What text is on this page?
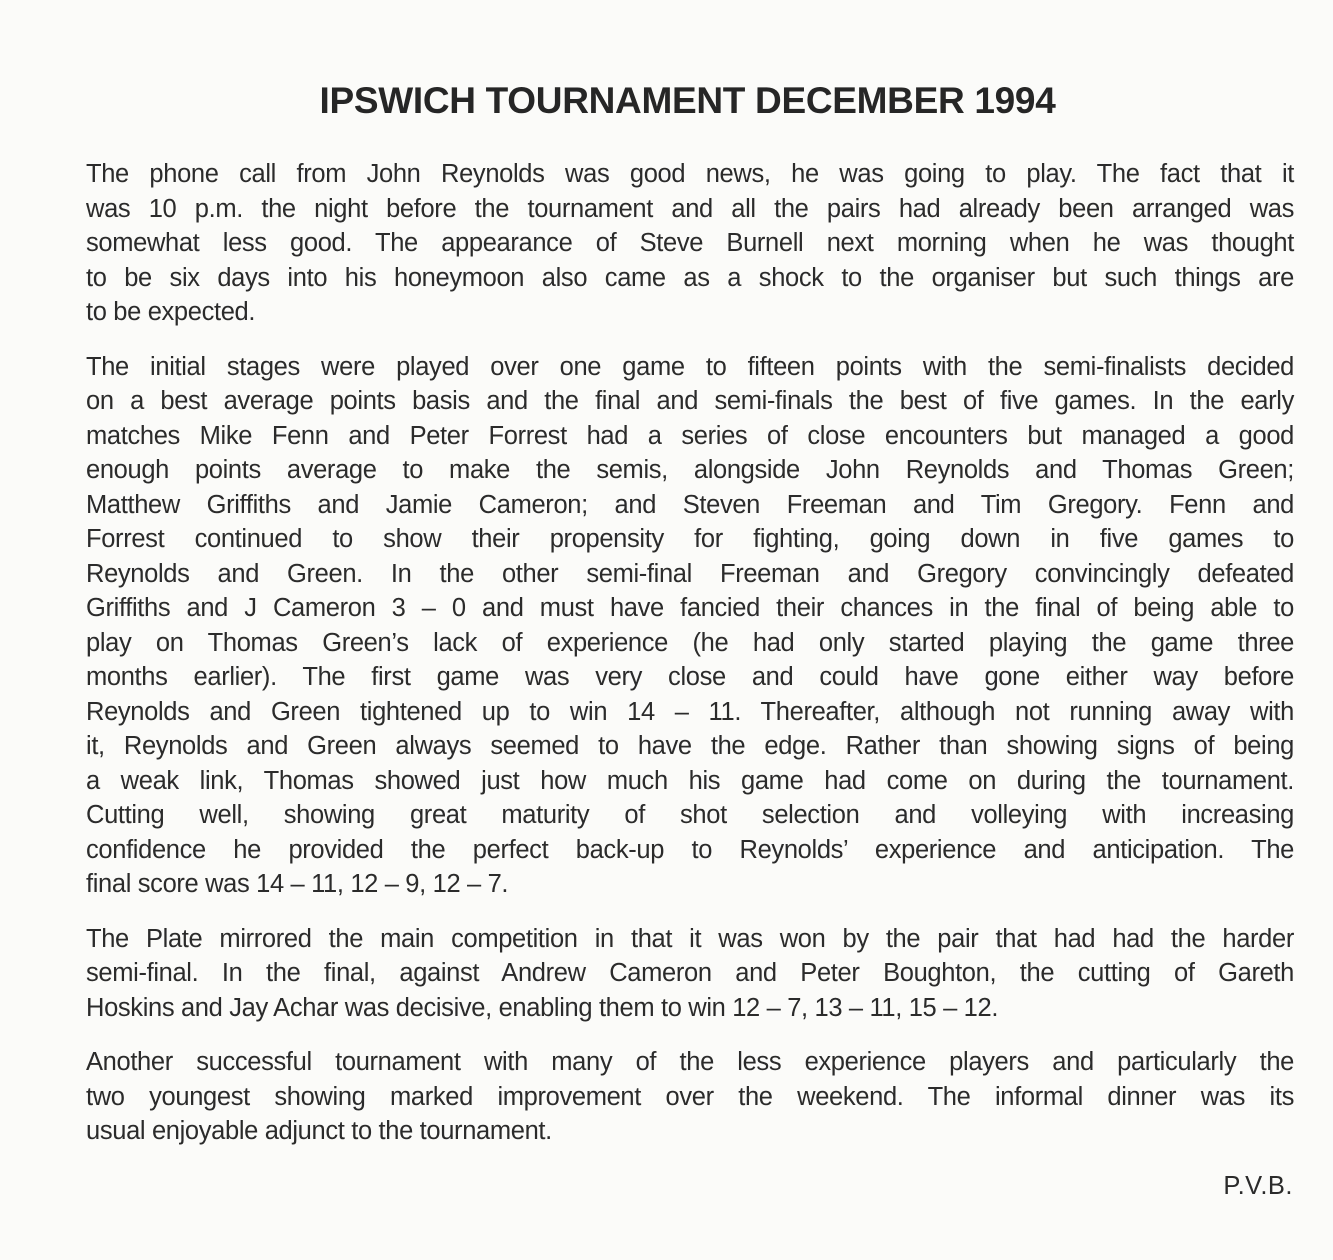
IPSWICH TOURNAMENT DECEMBER 1994

The phone call from John Reynolds was good news, he was going to play. The fact that it
was 10 p.m. the night before the tournament and all the pairs had already been arranged was
somewhat less good. The appearance of Steve Burnell next morning when he was thought
to be six days into his honeymoon also came as a shock to the organiser but such things are
to be expected.

The initial stages were played over one game to fifteen points with the semi-finalists decided
on a best average points basis and the final and semi-finals the best of five games. In the early
matches Mike Fenn and Peter Forrest had a series of close encounters but managed a good
enough points average to make the semis, alongside John Reynolds and Thomas Green;
Matthew Griffiths and Jamie Cameron; and Steven Freeman and Tim Gregory. Fenn and
Forrest continued to show their propensity for fighting, going down in five games to
Reynolds and Green. In the other semi-final Freeman and Gregory convincingly defeated
Griffiths and J Cameron 3 – 0 and must have fancied their chances in the final of being able to
play on Thomas Green’s lack of experience (he had only started playing the game three
months earlier). The first game was very close and could have gone either way before
Reynolds and Green tightened up to win 14 – 11. Thereafter, although not running away with
it, Reynolds and Green always seemed to have the edge. Rather than showing signs of being
a weak link, Thomas showed just how much his game had come on during the tournament.
Cutting well, showing great maturity of shot selection and volleying with increasing
confidence he provided the perfect back-up to Reynolds’ experience and anticipation. The
final score was 14 – 11, 12 – 9, 12 – 7.

The Plate mirrored the main competition in that it was won by the pair that had had the harder
semi-final. In the final, against Andrew Cameron and Peter Boughton, the cutting of Gareth
Hoskins and Jay Achar was decisive, enabling them to win 12 – 7, 13 – 11, 15 – 12.

Another successful tournament with many of the less experience players and particularly the
two youngest showing marked improvement over the weekend. The informal dinner was its
usual enjoyable adjunct to the tournament.

P.V.B.
